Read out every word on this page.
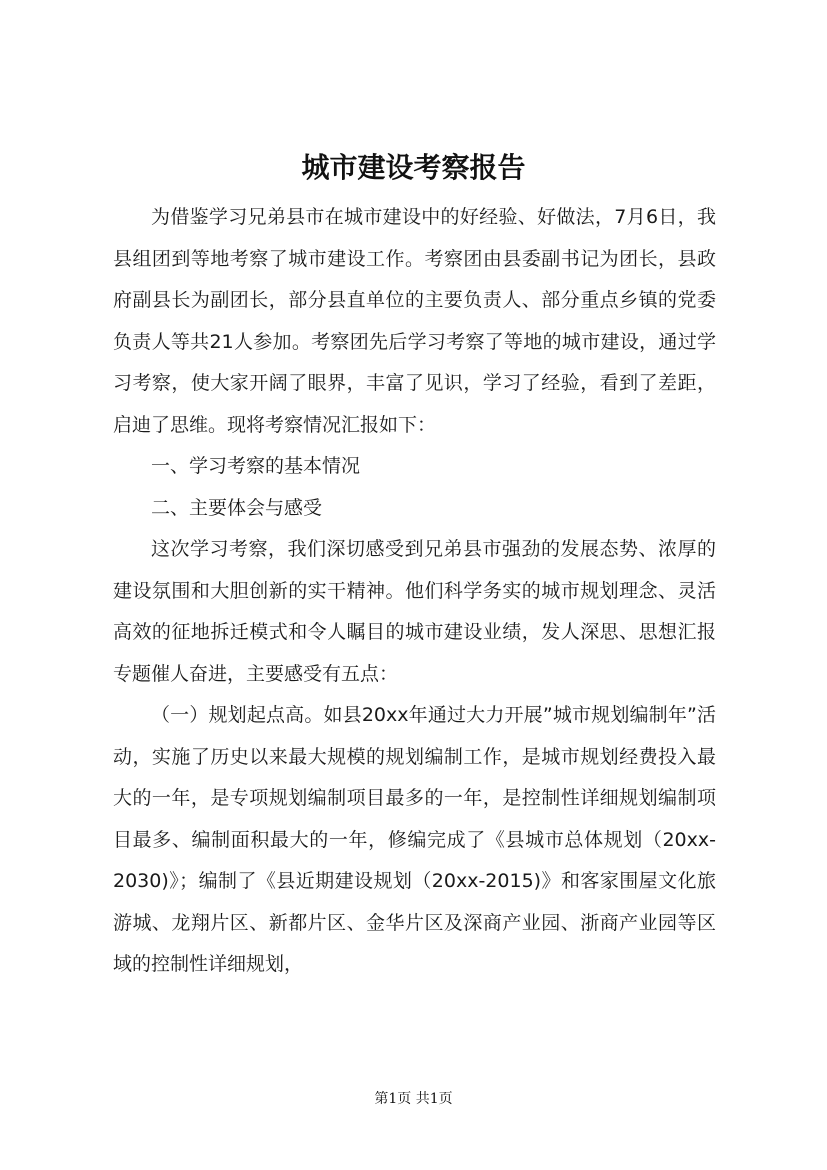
城市建设考察报告

为借鉴学习兄弟县市在城市建设中的好经验、好做法，7月6日，我县组团到等地考察了城市建设工作。考察团由县委副书记为团长，县政府副县长为副团长，部分县直单位的主要负责人、部分重点乡镇的党委负责人等共21人参加。考察团先后学习考察了等地的城市建设，通过学习考察，使大家开阔了眼界，丰富了见识，学习了经验，看到了差距，启迪了思维。现将考察情况汇报如下：

一、学习考察的基本情况

二、主要体会与感受

这次学习考察，我们深切感受到兄弟县市强劲的发展态势、浓厚的建设氛围和大胆创新的实干精神。他们科学务实的城市规划理念、灵活高效的征地拆迁模式和令人瞩目的城市建设业绩，发人深思、思想汇报专题催人奋进，主要感受有五点：

（一）规划起点高。如县20xx年通过大力开展”城市规划编制年”活动，实施了历史以来最大规模的规划编制工作，是城市规划经费投入最大的一年，是专项规划编制项目最多的一年，是控制性详细规划编制项目最多、编制面积最大的一年，修编完成了《县城市总体规划（20xx-2030)》；编制了《县近期建设规划（20xx-2015)》和客家围屋文化旅游城、龙翔片区、新都片区、金华片区及深商产业园、浙商产业园等区域的控制性详细规划，

第1页 共1页
